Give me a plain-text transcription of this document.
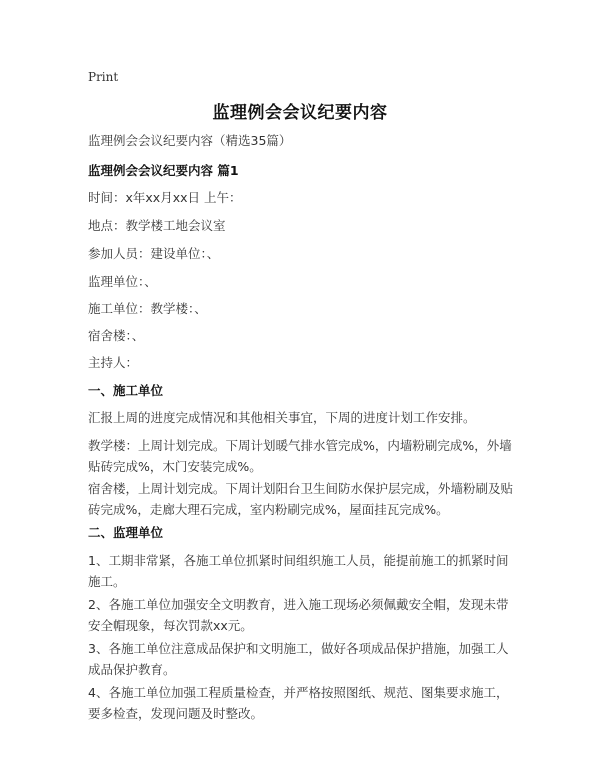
Print
监理例会会议纪要内容
监理例会会议纪要内容（精选35篇）
监理例会会议纪要内容 篇1
时间：x年xx月xx日 上午：
地点：教学楼工地会议室
参加人员：建设单位：、
监理单位：、
施工单位：教学楼：、
宿舍楼：、
主持人：
一、施工单位
汇报上周的进度完成情况和其他相关事宜，下周的进度计划工作安排。
教学楼：上周计划完成。下周计划暖气排水管完成%，内墙粉刷完成%，外墙贴砖完成%，木门安装完成%。
宿舍楼，上周计划完成。下周计划阳台卫生间防水保护层完成，外墙粉刷及贴砖完成%，走廊大理石完成，室内粉刷完成%，屋面挂瓦完成%。
二、监理单位
1、工期非常紧，各施工单位抓紧时间组织施工人员，能提前施工的抓紧时间施工。
2、各施工单位加强安全文明教育，进入施工现场必须佩戴安全帽，发现未带安全帽现象，每次罚款xx元。
3、各施工单位注意成品保护和文明施工，做好各项成品保护措施，加强工人成品保护教育。
4、各施工单位加强工程质量检查，并严格按照图纸、规范、图集要求施工，要多检查，发现问题及时整改。
